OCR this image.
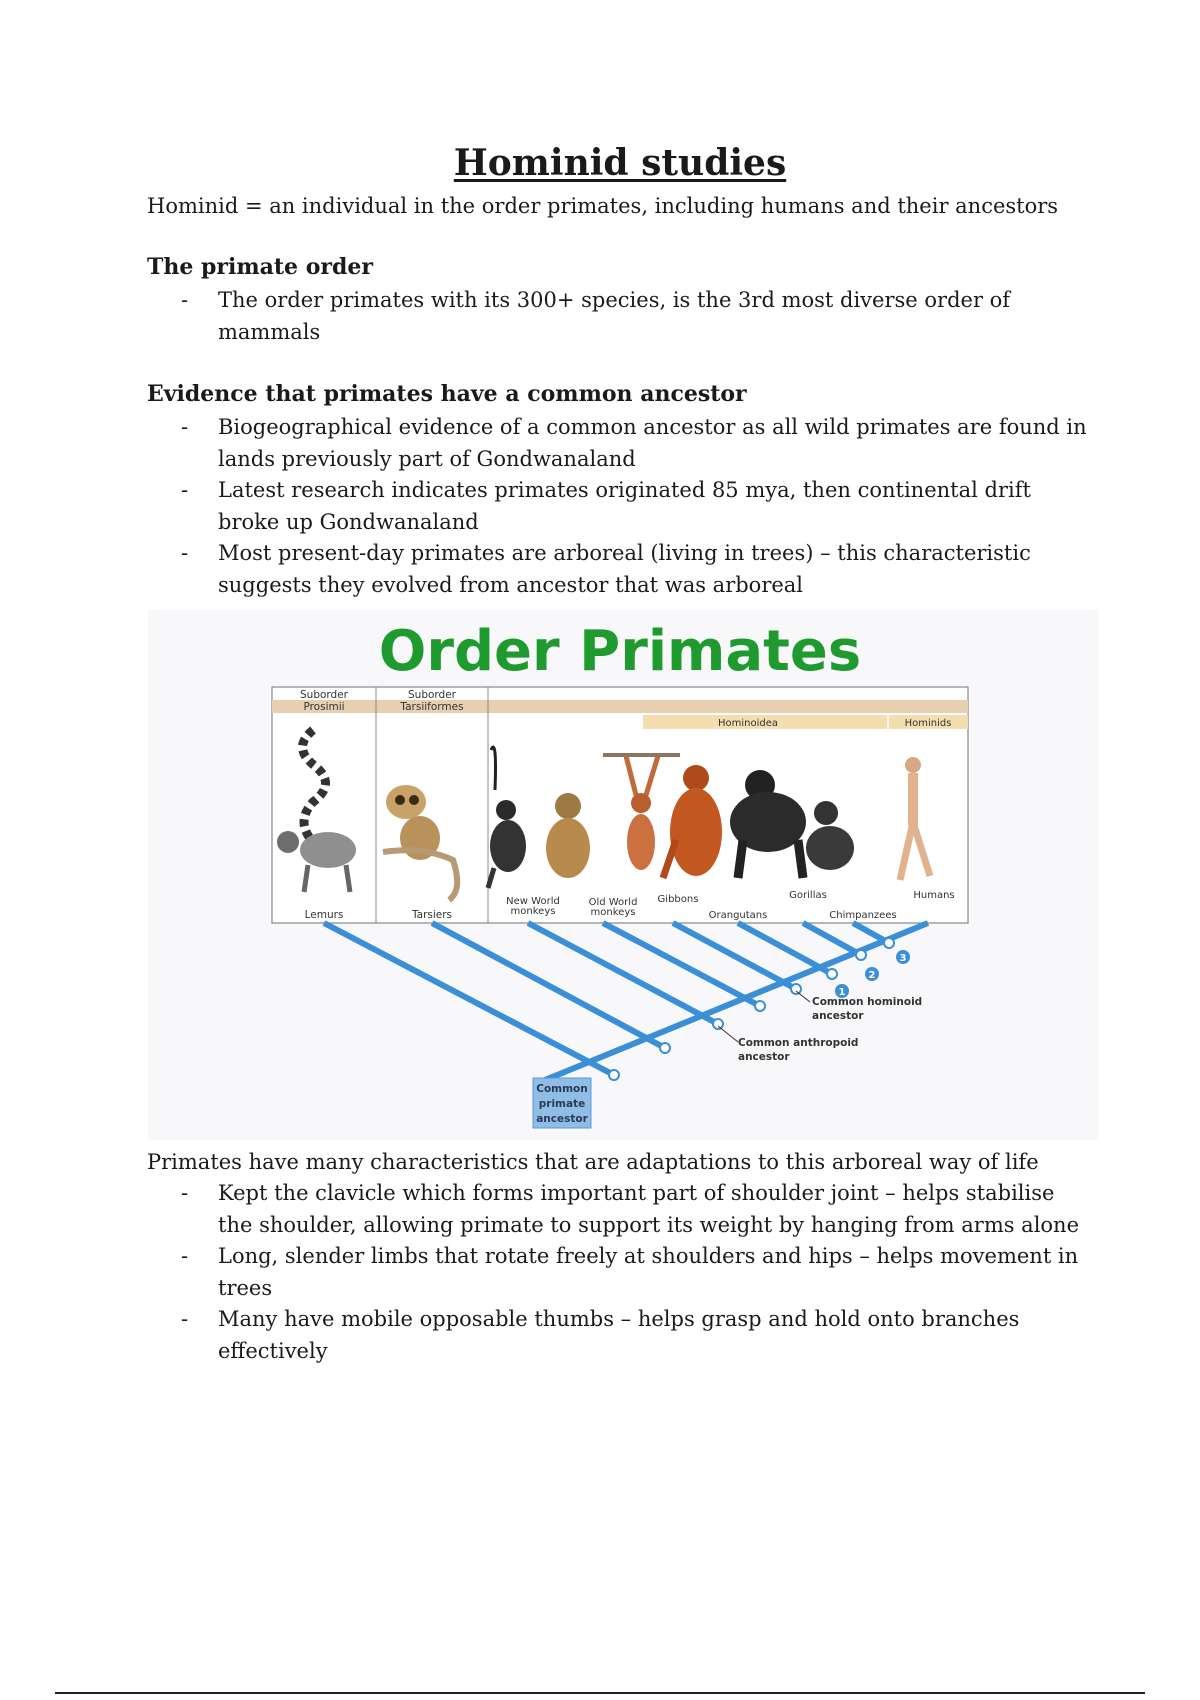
Hominid studies

Hominid = an individual in the order primates, including humans and their ancestors

The primate order
- The order primates with its 300+ species, is the 3rd most diverse order of
mammals
Evidence that primates have a common ancestor
- Biogeographical evidence of a common ancestor as all wild primates are found in
lands previously part of Gondwanaland
- Latest research indicates primates originated 85 mya, then continental drift
broke up Gondwanaland
- Most present-day primates are arboreal (living in trees) – this characteristic
suggests they evolved from ancestor that was arboreal
Order Primates
Suborder
Prosimii
Suborder
Tarsiiformes
Hominoidea	Hominids
Lemurs	Tarsiers
New World
monkeys
Old World
monkeys
Gibbons
Orangutans
Gorillas
Chimpanzees
Humans
1
2
3
Common hominoid
ancestor
Common anthropoid
ancestor
Common
primate
ancestor

Primates have many characteristics that are adaptations to this arboreal way of life

- Kept the clavicle which forms important part of shoulder joint – helps stabilise
the shoulder, allowing primate to support its weight by hanging from arms alone
- Long, slender limbs that rotate freely at shoulders and hips – helps movement in
trees
- Many have mobile opposable thumbs – helps grasp and hold onto branches
effectively
